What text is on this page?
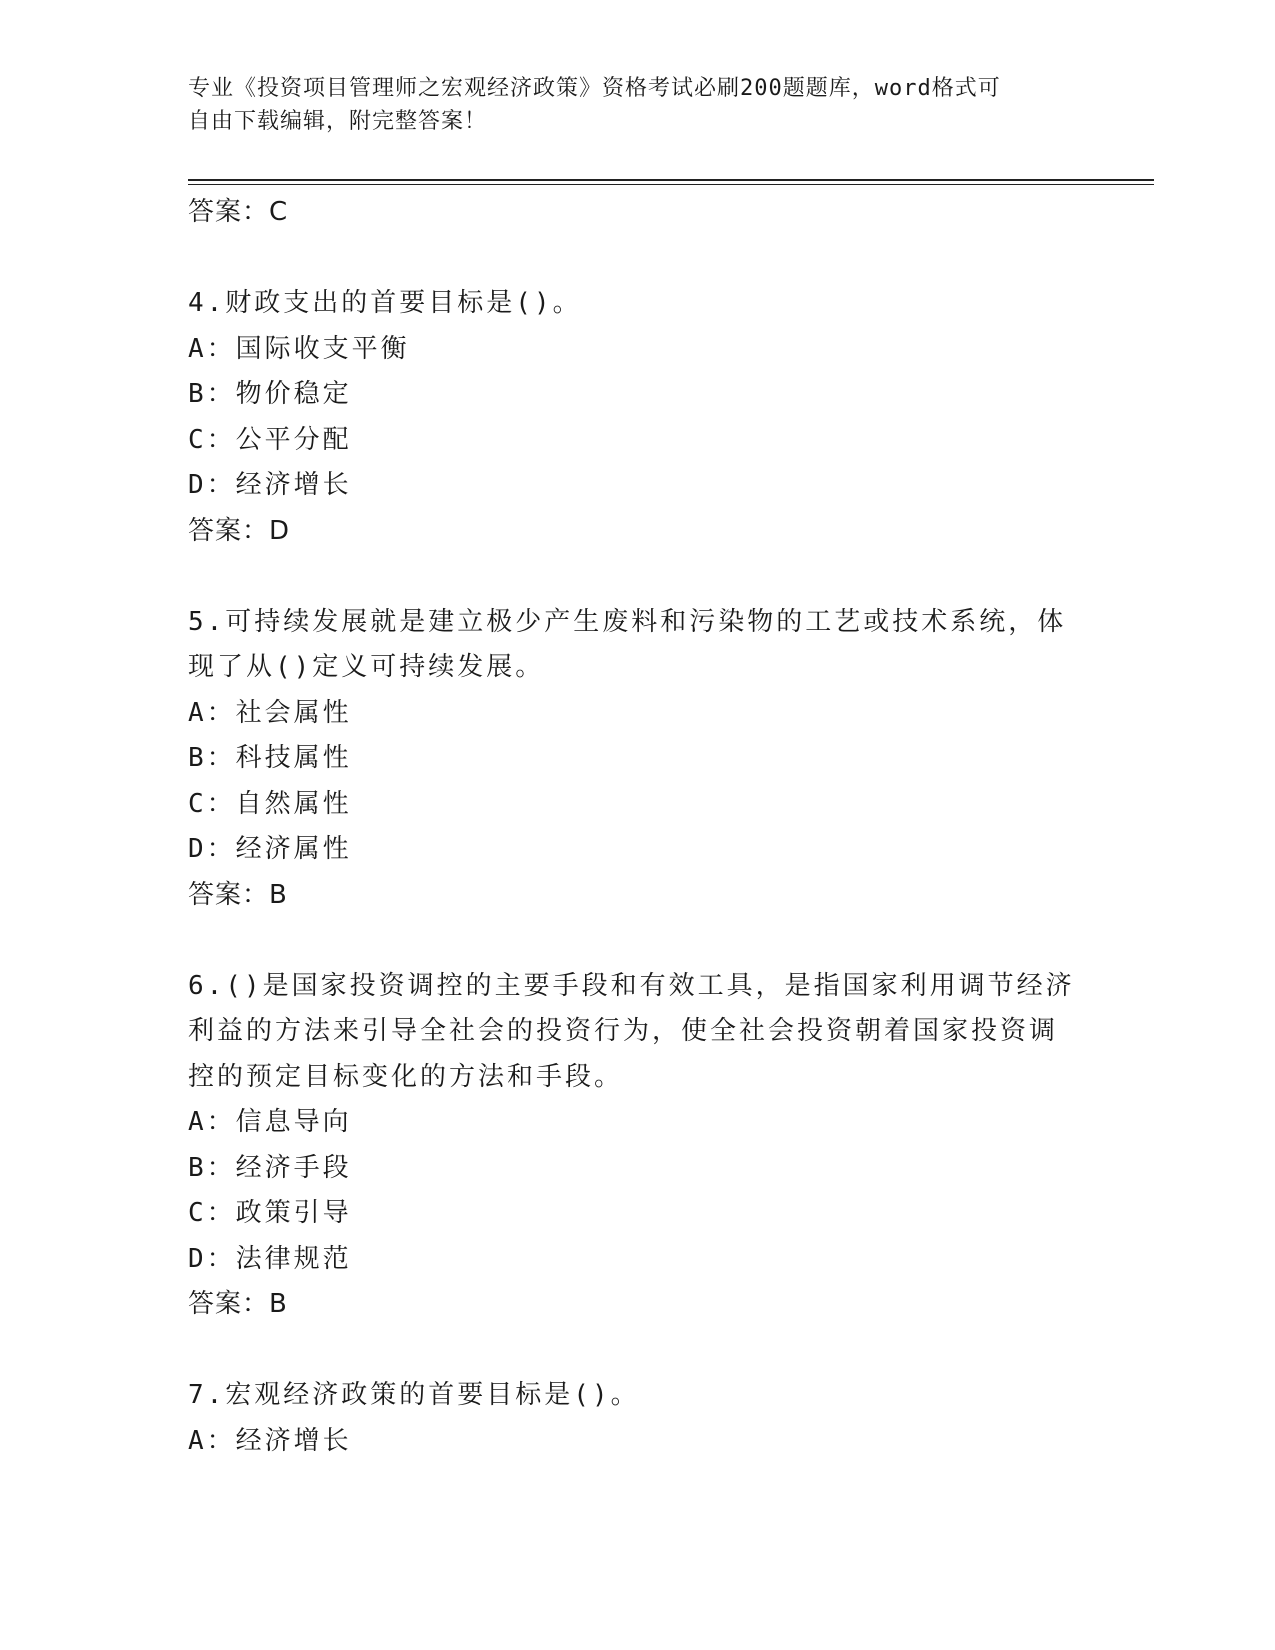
专业《投资项目管理师之宏观经济政策》资格考试必刷200题题库，word格式可
自由下载编辑，附完整答案！
答案：C
4.财政支出的首要目标是()。
A：国际收支平衡
B：物价稳定
C：公平分配
D：经济增长
答案：D
5.可持续发展就是建立极少产生废料和污染物的工艺或技术系统，体
现了从()定义可持续发展。
A：社会属性
B：科技属性
C：自然属性
D：经济属性
答案：B
6.()是国家投资调控的主要手段和有效工具，是指国家利用调节经济
利益的方法来引导全社会的投资行为，使全社会投资朝着国家投资调
控的预定目标变化的方法和手段。
A：信息导向
B：经济手段
C：政策引导
D：法律规范
答案：B
7.宏观经济政策的首要目标是()。
A：经济增长
